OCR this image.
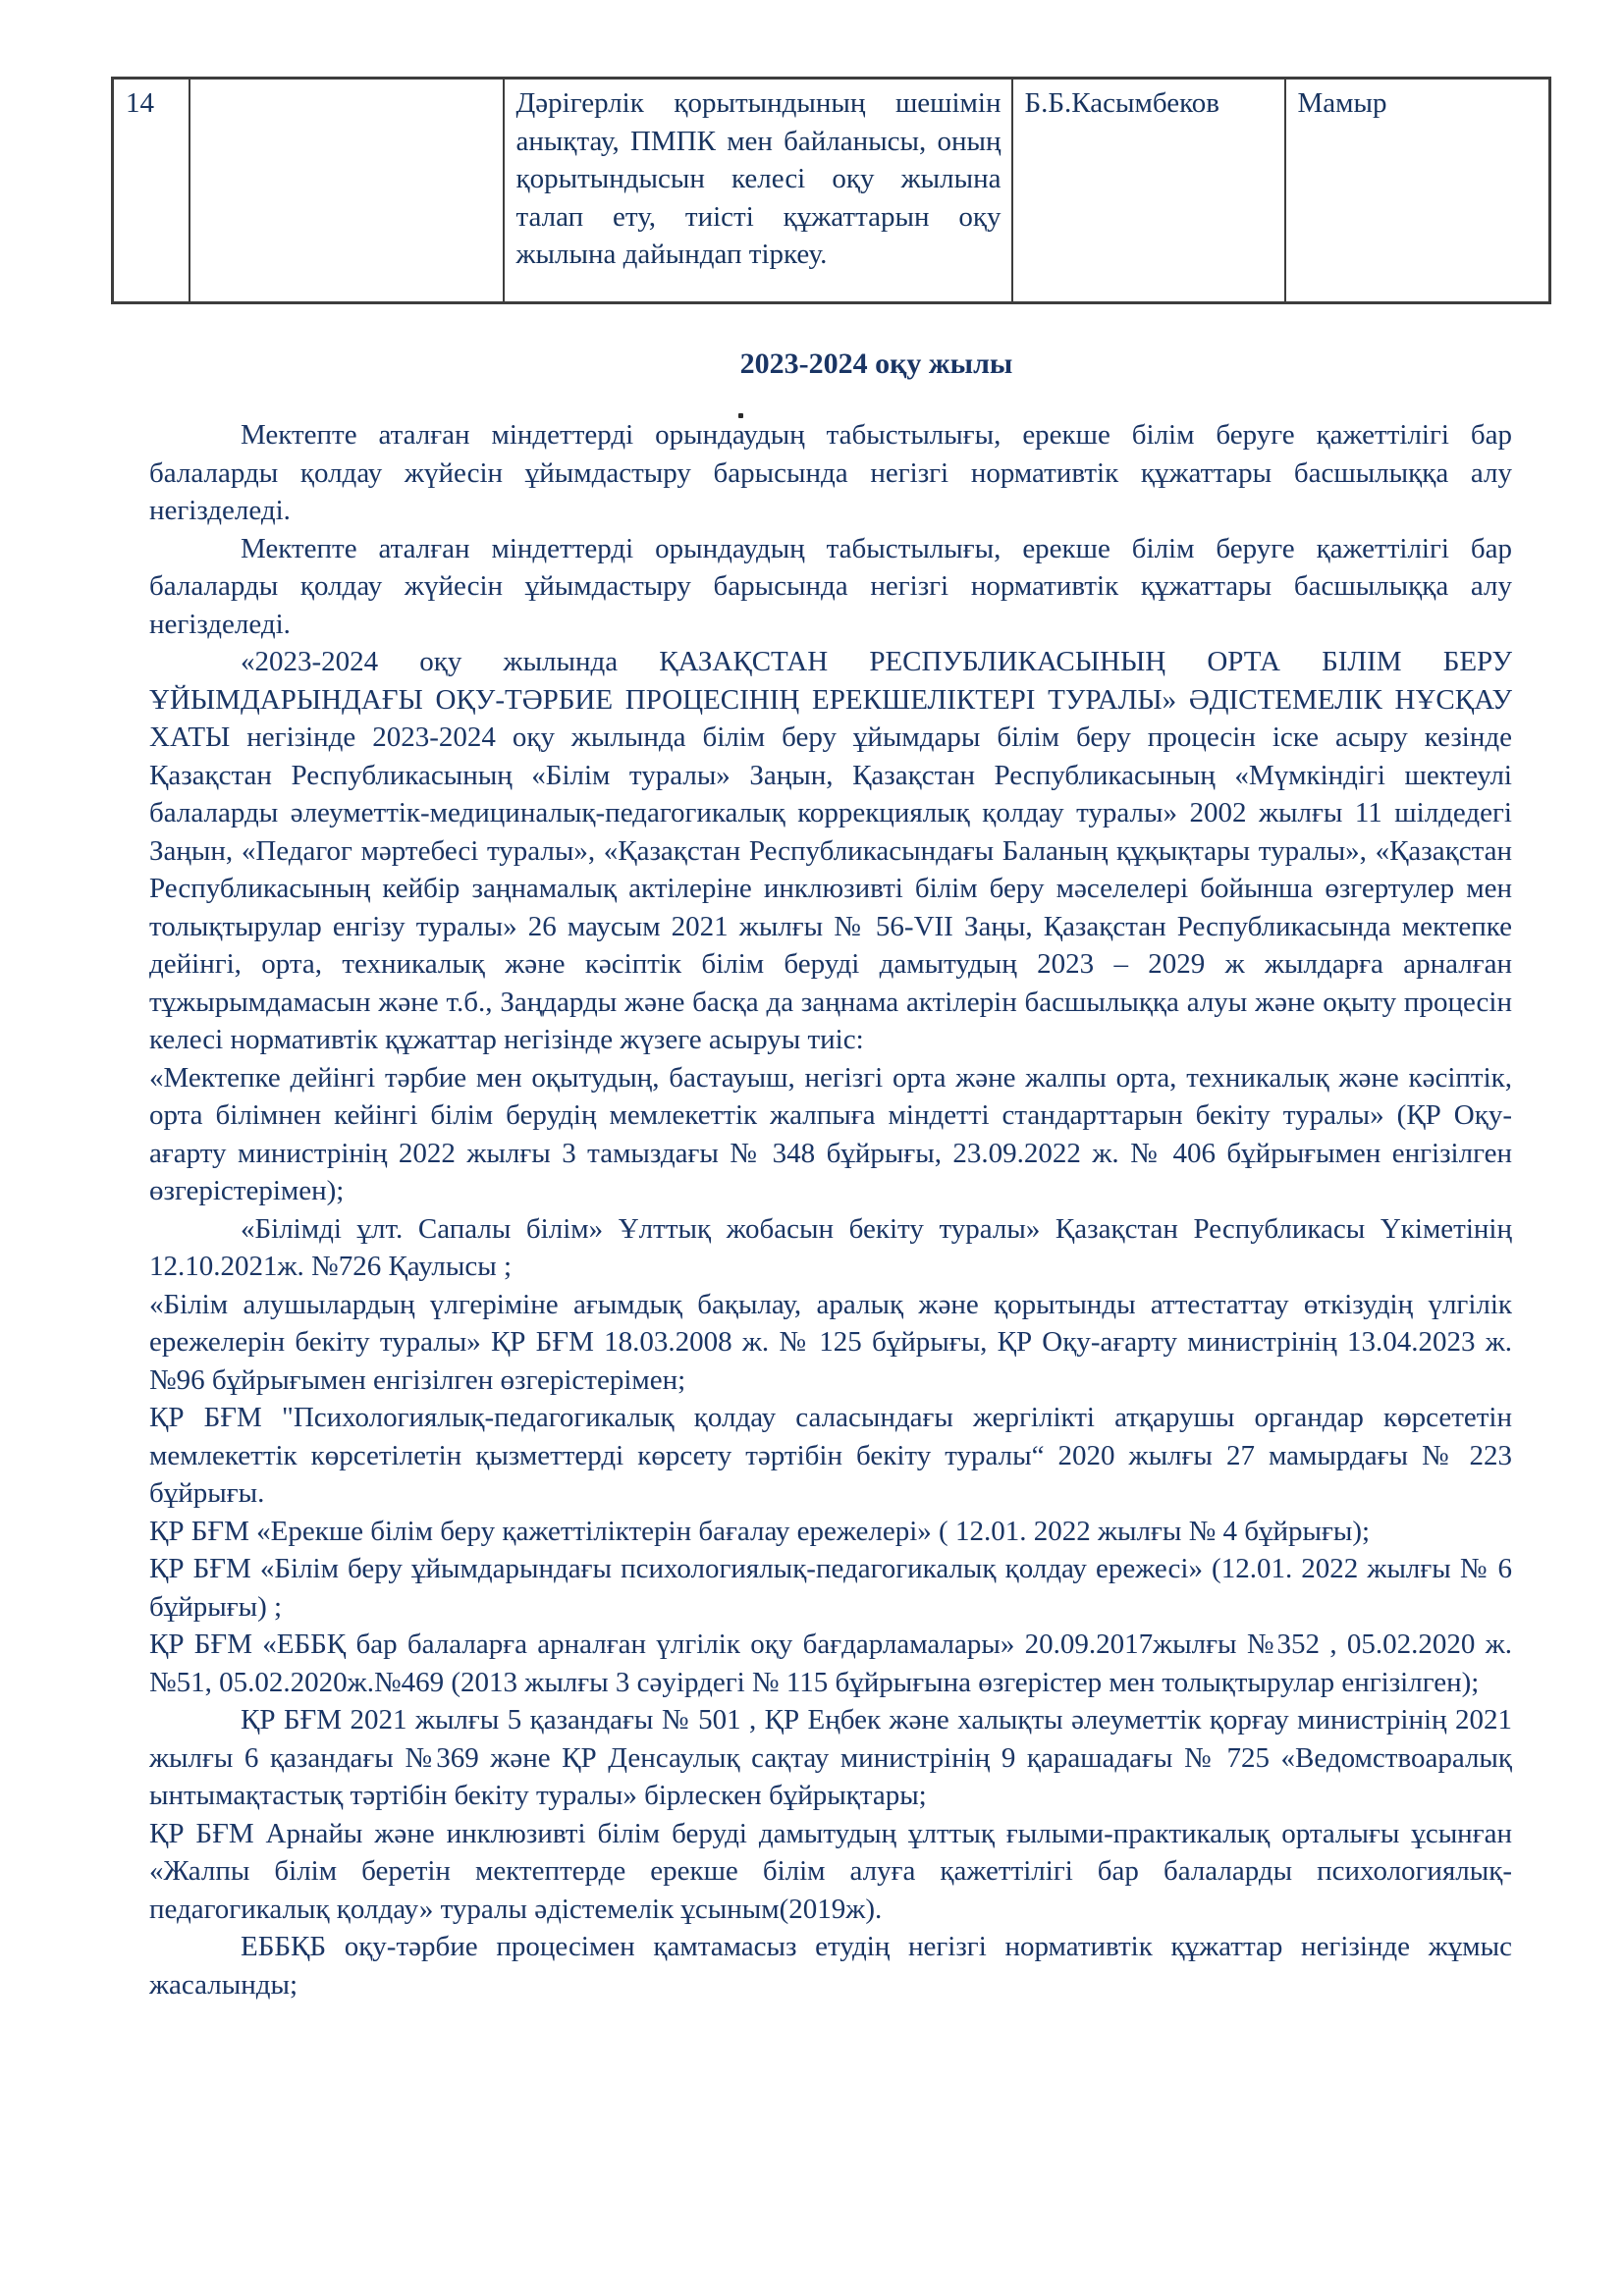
14		Дәрігерлік қорытындының шешімін анықтау, ПМПК мен байланысы, оның қорытындысын келесі оқу жылына талап ету, тиісті құжаттарын оқу жылына дайындап тіркеу.	Б.Б.Касымбеков	Мамыр
2023-2024 оқу жылы

Мектепте аталған міндеттерді орындаудың табыстылығы, ерекше білім беруге қажеттілігі бар балаларды қолдау жүйесін ұйымдастыру барысында негізгі нормативтік құжаттары басшылыққа алу негізделеді.

Мектепте аталған міндеттерді орындаудың табыстылығы, ерекше білім беруге қажеттілігі бар балаларды қолдау жүйесін ұйымдастыру барысында негізгі нормативтік құжаттары басшылыққа алу негізделеді.

«2023-2024 оқу жылында ҚАЗАҚСТАН РЕСПУБЛИКАСЫНЫҢ ОРТА БІЛІМ БЕРУ ҰЙЫМДАРЫНДАҒЫ ОҚУ-ТӘРБИЕ ПРОЦЕСІНІҢ ЕРЕКШЕЛІКТЕРІ ТУРАЛЫ» ӘДІСТЕМЕЛІК НҰСҚАУ ХАТЫ негізінде 2023-2024 оқу жылында білім беру ұйымдары білім беру процесін іске асыру кезінде Қазақстан Республикасының «Білім туралы» Заңын, Қазақстан Республикасының «Мүмкіндігі шектеулі балаларды әлеуметтік-медициналық-педагогикалық коррекциялық қолдау туралы» 2002 жылғы 11 шілдедегі Заңын, «Педагог мәртебесі туралы», «Қазақстан Республикасындағы Баланың құқықтары туралы», «Қазақстан Республикасының кейбір заңнамалық актілеріне инклюзивті білім беру мәселелері бойынша өзгертулер мен толықтырулар енгізу туралы» 26 маусым 2021 жылғы № 56-VII Заңы, Қазақстан Республикасында мектепке дейінгі, орта, техникалық және кәсіптік білім беруді дамытудың 2023 – 2029 ж жылдарға арналған тұжырымдамасын және т.б., Заңдарды және басқа да заңнама актілерін басшылыққа алуы және оқыту процесін келесі нормативтік құжаттар негізінде жүзеге асыруы тиіс:

«Мектепке дейінгі тәрбие мен оқытудың, бастауыш, негізгі орта және жалпы орта, техникалық және кәсіптік, орта білімнен кейінгі білім берудің мемлекеттік жалпыға міндетті стандарттарын бекіту туралы» (ҚР Оқу-ағарту министрінің 2022 жылғы 3 тамыздағы № 348 бұйрығы, 23.09.2022 ж. № 406 бұйрығымен енгізілген өзгерістерімен);

«Білімді ұлт. Сапалы білім» Ұлттық жобасын бекіту туралы» Қазақстан Республикасы Үкіметінің 12.10.2021ж. №726 Қаулысы ;

«Білім алушылардың үлгеріміне ағымдық бақылау, аралық және қорытынды аттестаттау өткізудің үлгілік ережелерін бекіту туралы» ҚР БҒМ 18.03.2008 ж. № 125 бұйрығы, ҚР Оқу-ағарту министрінің 13.04.2023 ж. №96 бұйрығымен енгізілген өзгерістерімен;

ҚР БҒМ "Психологиялық-педагогикалық қолдау саласындағы жергілікті атқарушы органдар көрсететін мемлекеттік көрсетілетін қызметтерді көрсету тәртібін бекіту туралы“ 2020 жылғы 27 мамырдағы № 223 бұйрығы.

ҚР БҒМ «Ерекше білім беру қажеттіліктерін бағалау ережелері» ( 12.01. 2022 жылғы № 4 бұйрығы);

ҚР БҒМ «Білім беру ұйымдарындағы психологиялық-педагогикалық қолдау ережесі» (12.01. 2022 жылғы № 6 бұйрығы) ;

ҚР БҒМ «ЕББҚ бар балаларға арналған үлгілік оқу бағдарламалары» 20.09.2017жылғы №352 , 05.02.2020 ж.№51, 05.02.2020ж.№469 (2013 жылғы 3 сәуірдегі № 115 бұйрығына өзгерістер мен толықтырулар енгізілген);

ҚР БҒМ 2021 жылғы 5 қазандағы № 501 , ҚР Еңбек және халықты әлеуметтік қорғау министрінің 2021 жылғы 6 қазандағы №369 және ҚР Денсаулық сақтау министрінің 9 қарашадағы № 725 «Ведомствоаралық ынтымақтастық тәртібін бекіту туралы» бірлескен бұйрықтары;

ҚР БҒМ Арнайы және инклюзивті білім беруді дамытудың ұлттық ғылыми-практикалық орталығы ұсынған «Жалпы білім беретін мектептерде ерекше білім алуға қажеттілігі бар балаларды психологиялық-педагогикалық қолдау» туралы әдістемелік ұсыным(2019ж).

ЕББҚБ оқу-тәрбие процесімен қамтамасыз етудің негізгі нормативтік құжаттар негізінде жұмыс жасалынды;
